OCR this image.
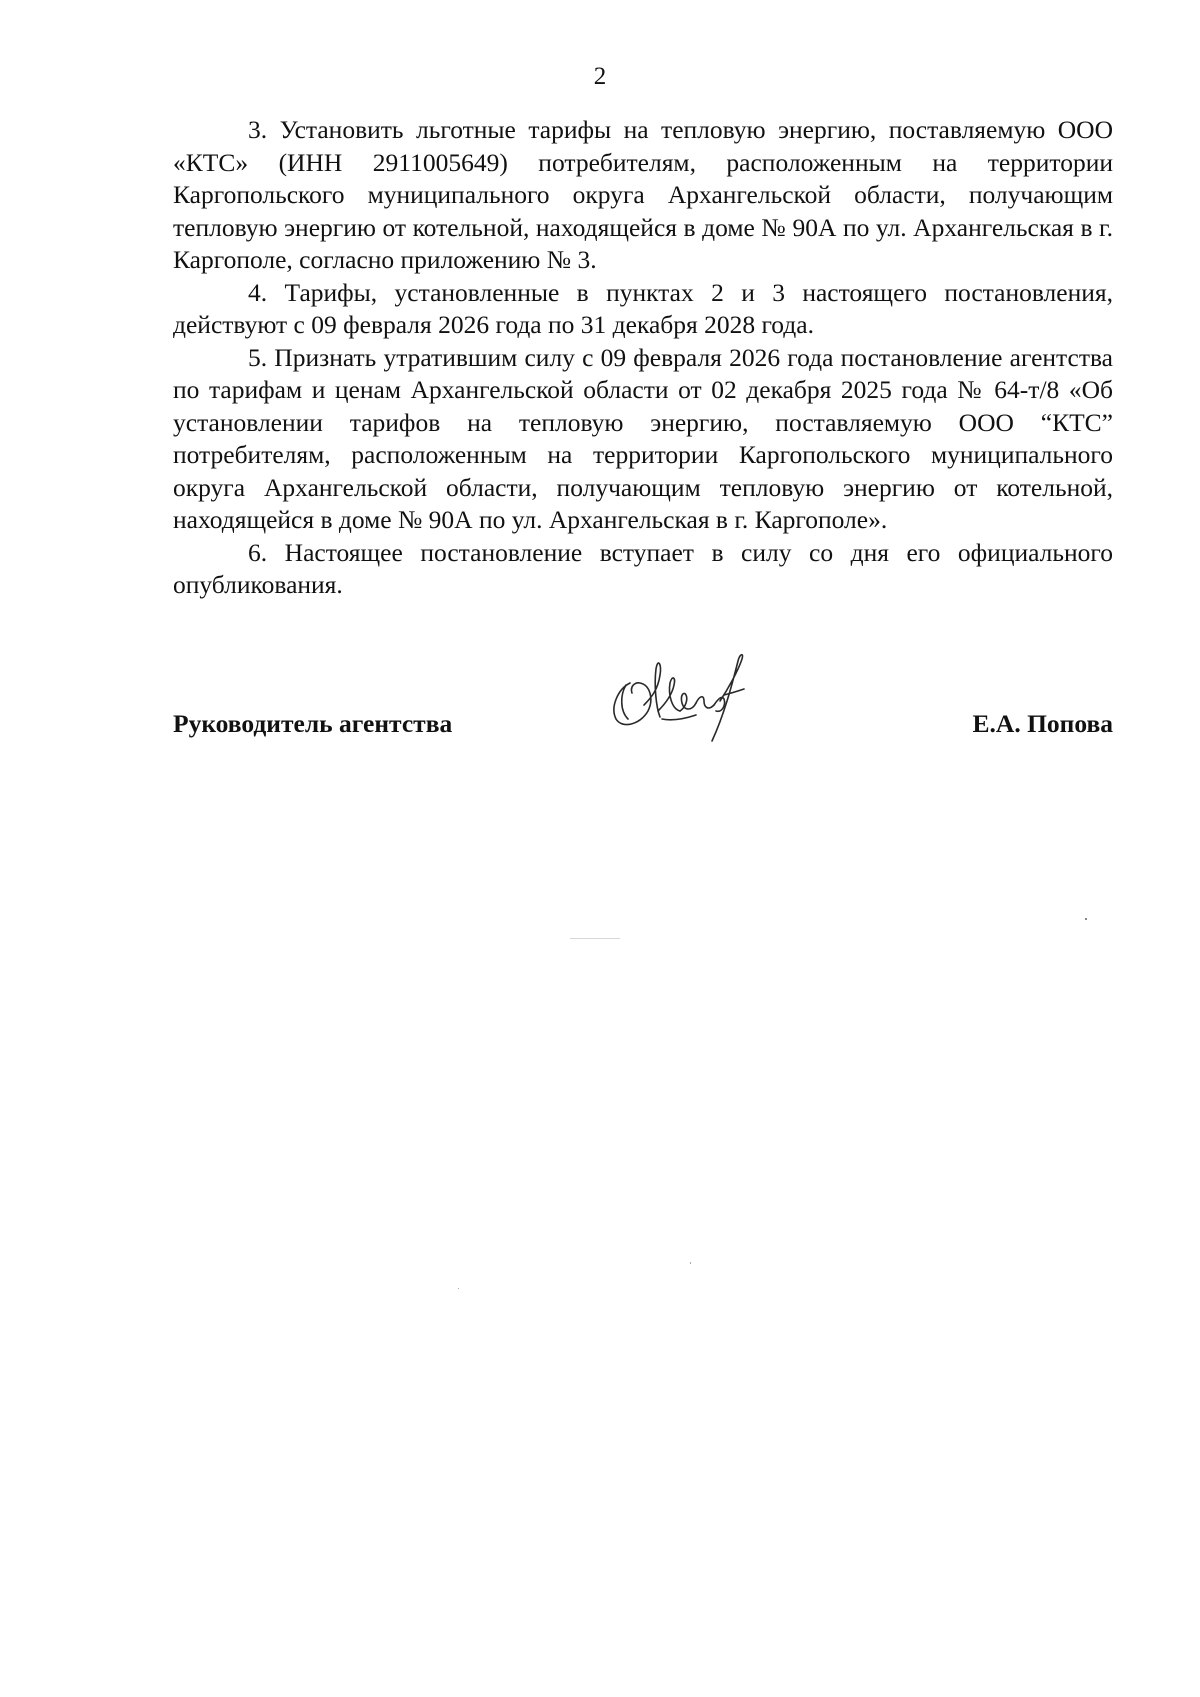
2

3. Установить льготные тарифы на тепловую энергию, поставляемую ООО «КТС» (ИНН 2911005649) потребителям, расположенным на территории Каргопольского муниципального округа Архангельской области, получающим тепловую энергию от котельной, находящейся в доме № 90А по ул. Архангельская в г. Каргополе, согласно приложению № 3.

4. Тарифы, установленные в пунктах 2 и 3 настоящего постановления, действуют с 09 февраля 2026 года по 31 декабря 2028 года.

5. Признать утратившим силу с 09 февраля 2026 года постановление агентства по тарифам и ценам Архангельской области от 02 декабря 2025 года № 64-т/8 «Об установлении тарифов на тепловую энергию, поставляемую ООО “КТС” потребителям, расположенным на территории Каргопольского муниципального округа Архангельской области, получающим тепловую энергию от котельной, находящейся в доме № 90А по ул. Архангельская в г. Каргополе».

6. Настоящее постановление вступает в силу со дня его официального опубликования.

Руководитель агентства	Е.А. Попова
